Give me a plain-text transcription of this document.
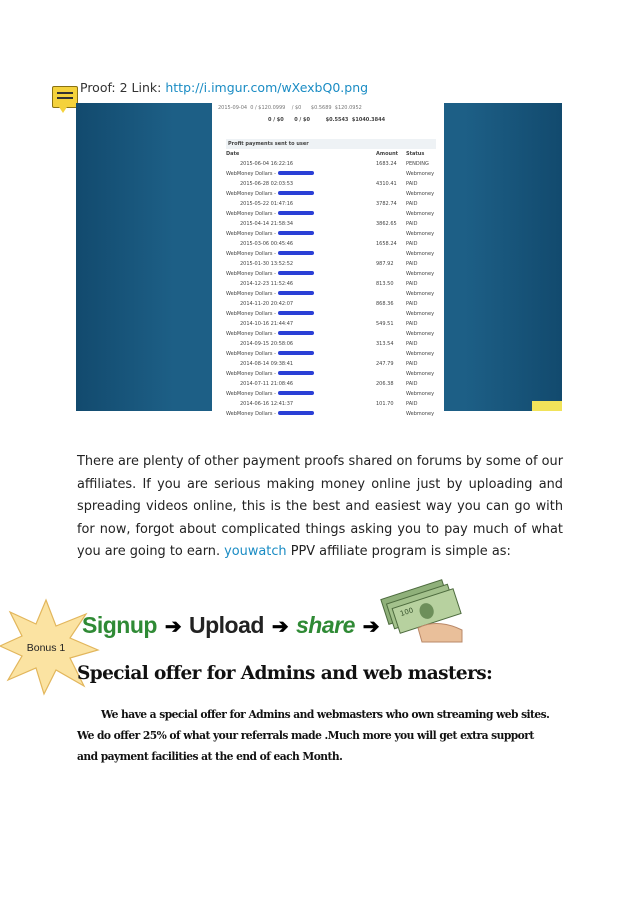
Proof: 2 Link: http://i.imgur.com/wXexbQ0.png
2015-09-04 0 / $120.0999 / $0 $0.5689 $120.0952
0 / $0 0 / $0	$0.5543 $1040.3844
Profit payments sent to user
Date	Amount	Status
2015-06-04 16:22:16	1683.24	PENDING
WebMoney Dollars -	Webmoney
2015-06-28 02:03:53	4310.41	PAID
WebMoney Dollars -	Webmoney
2015-05-22 01:47:16	3782.74	PAID
WebMoney Dollars -	Webmoney
2015-04-14 21:58:34	3862.65	PAID
WebMoney Dollars -	Webmoney
2015-03-06 00:45:46	1658.24	PAID
WebMoney Dollars -	Webmoney
2015-01-30 13:52:52	987.92	PAID
WebMoney Dollars -	Webmoney
2014-12-23 11:52:46	813.50	PAID
WebMoney Dollars -	Webmoney
2014-11-20 20:42:07	868.36	PAID
WebMoney Dollars -	Webmoney
2014-10-16 21:44:47	549.51	PAID
WebMoney Dollars -	Webmoney
2014-09-15 20:58:06	313.54	PAID
WebMoney Dollars -	Webmoney
2014-08-14 09:38:41	247.79	PAID
WebMoney Dollars -	Webmoney
2014-07-11 21:08:46	206.38	PAID
WebMoney Dollars -	Webmoney
2014-06-16 12:41:37	101.70	PAID
WebMoney Dollars -	Webmoney
There are plenty of other payment proofs shared on forums by some of our affiliates. If you are serious making money online just by uploading and spreading videos online, this is the best and easiest way you can go with for now, forgot about complicated things asking you to pay much of what you are going to earn. youwatch PPV affiliate program is simple as:
100
Signup ➔ Upload ➔ share ➔
Bonus 1
Special offer for Admins and web masters:
We have a special offer for Admins and webmasters who own streaming web sites. We do offer 25% of what your referrals made .Much more you will get extra support and payment facilities at the end of each Month.
